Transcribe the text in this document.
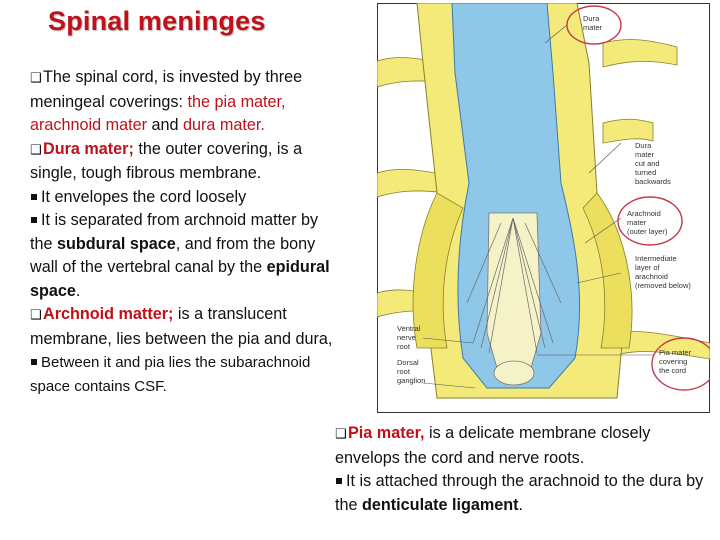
Spinal meninges

❑The spinal cord, is invested by three meningeal coverings: the pia mater, arachnoid mater and dura mater.

❑Dura mater; the outer covering, is a single, tough fibrous membrane.

It envelopes the cord loosely

It is separated from archnoid matter by the subdural space, and from the bony wall of the vertebral canal by the epidural space.

❑Archnoid matter; is a translucent membrane, lies between the pia and dura,

Between it and pia lies the subarachnoid space contains CSF.

Dura mater
Dura mater cut and turned backwards
Arachnoid mater (outer layer)
Intermediate layer of arachnoid (removed below)
Ventral nerve root
Dorsal root ganglion
Pia mater covering the cord

❑Pia mater, is a delicate membrane closely envelops the cord and nerve roots.

It is attached through the arachnoid to the dura by the denticulate ligament.
